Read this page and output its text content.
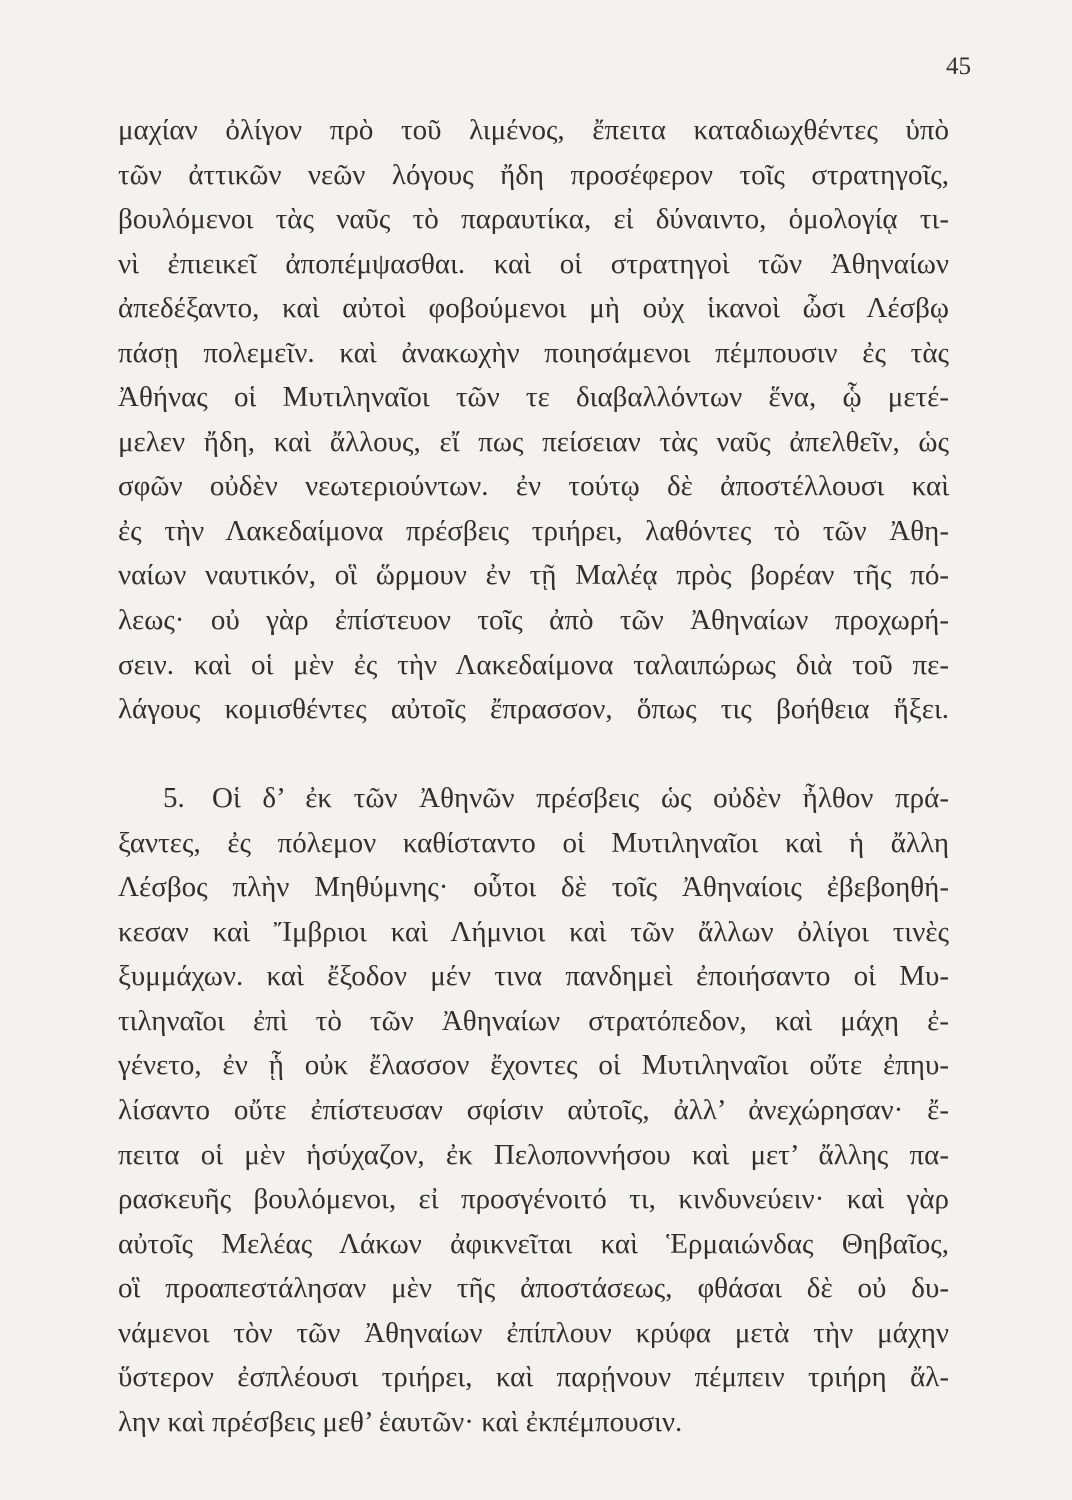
45
μαχίαν ὀλίγον πρὸ τοῦ λιμένος, ἔπειτα καταδιωχθέντες ὑπὸ
τῶν ἀττικῶν νεῶν λόγους ἤδη προσέφερον τοῖς στρατηγοῖς,
βουλόμενοι τὰς ναῦς τὸ παραυτίκα, εἰ δύναιντο, ὁμολογίᾳ τι-
νὶ ἐπιεικεῖ ἀποπέμψασθαι. καὶ οἱ στρατηγοὶ τῶν Ἀθηναίων
ἀπεδέξαντο, καὶ αὐτοὶ φοβούμενοι μὴ οὐχ ἱκανοὶ ὦσι Λέσβῳ
πάσῃ πολεμεῖν. καὶ ἀνακωχὴν ποιησάμενοι πέμπουσιν ἐς τὰς
Ἀθήνας οἱ Μυτιληναῖοι τῶν τε διαβαλλόντων ἕνα, ᾧ μετέ-
μελεν ἤδη, καὶ ἄλλους, εἴ πως πείσειαν τὰς ναῦς ἀπελθεῖν, ὡς
σφῶν οὐδὲν νεωτεριούντων. ἐν τούτῳ δὲ ἀποστέλλουσι καὶ
ἐς τὴν Λακεδαίμονα πρέσβεις τριήρει, λαθόντες τὸ τῶν Ἀθη-
ναίων ναυτικόν, οἳ ὥρμουν ἐν τῇ Μαλέᾳ πρὸς βορέαν τῆς πό-
λεως· οὐ γὰρ ἐπίστευον τοῖς ἀπὸ τῶν Ἀθηναίων προχωρή-
σειν. καὶ οἱ μὲν ἐς τὴν Λακεδαίμονα ταλαιπώρως διὰ τοῦ πε-
λάγους κομισθέντες αὐτοῖς ἔπρασσον, ὅπως τις βοήθεια ἥξει.
5. Οἱ δ’ ἐκ τῶν Ἀθηνῶν πρέσβεις ὡς οὐδὲν ἦλθον πρά-
ξαντες, ἐς πόλεμον καθίσταντο οἱ Μυτιληναῖοι καὶ ἡ ἄλλη
Λέσβος πλὴν Μηθύμνης· οὗτοι δὲ τοῖς Ἀθηναίοις ἐβεβοηθή-
κεσαν καὶ Ἴμβριοι καὶ Λήμνιοι καὶ τῶν ἄλλων ὀλίγοι τινὲς
ξυμμάχων. καὶ ἔξοδον μέν τινα πανδημεὶ ἐποιήσαντο οἱ Μυ-
τιληναῖοι ἐπὶ τὸ τῶν Ἀθηναίων στρατόπεδον, καὶ μάχη ἐ-
γένετο, ἐν ᾗ οὐκ ἔλασσον ἔχοντες οἱ Μυτιληναῖοι οὔτε ἐπηυ-
λίσαντο οὔτε ἐπίστευσαν σφίσιν αὐτοῖς, ἀλλ’ ἀνεχώρησαν· ἔ-
πειτα οἱ μὲν ἡσύχαζον, ἐκ Πελοποννήσου καὶ μετ’ ἄλλης πα-
ρασκευῆς βουλόμενοι, εἰ προσγένοιτό τι, κινδυνεύειν· καὶ γὰρ
αὐτοῖς Μελέας Λάκων ἀφικνεῖται καὶ Ἑρμαιώνδας Θηβαῖος,
οἳ προαπεστάλησαν μὲν τῆς ἀποστάσεως, φθάσαι δὲ οὐ δυ-
νάμενοι τὸν τῶν Ἀθηναίων ἐπίπλουν κρύφα μετὰ τὴν μάχην
ὕστερον ἐσπλέουσι τριήρει, καὶ παρῄνουν πέμπειν τριήρη ἄλ-
λην καὶ πρέσβεις μεθ’ ἑαυτῶν· καὶ ἐκπέμπουσιν.
